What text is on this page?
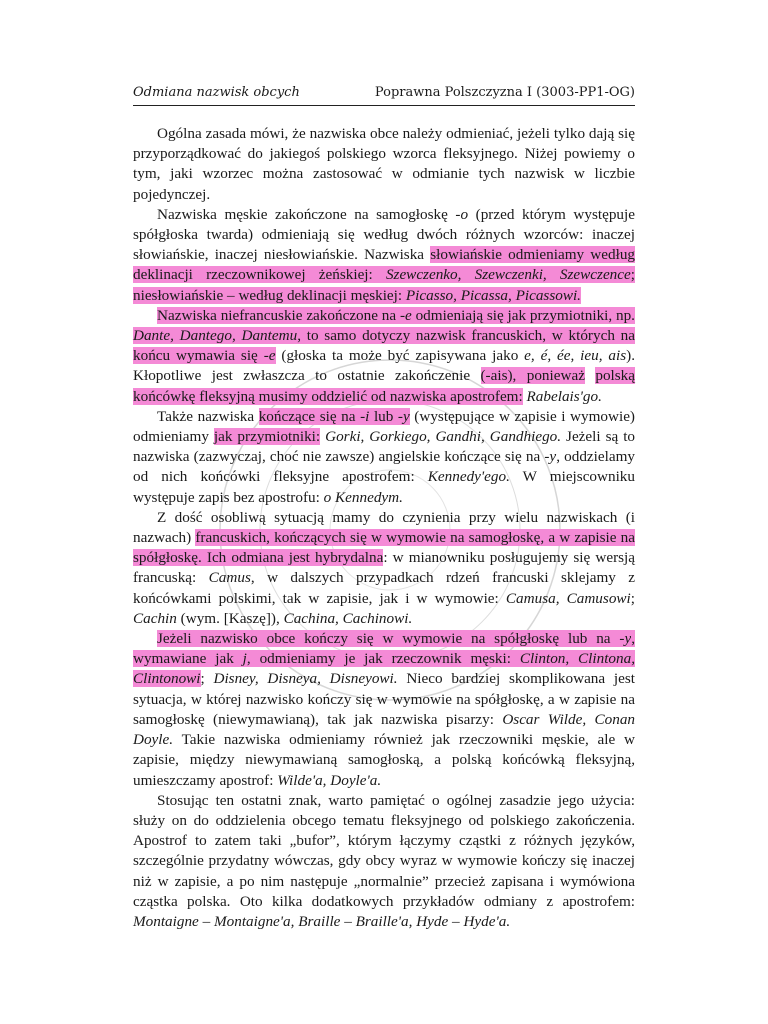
Odmiana nazwisk obcych	Poprawna Polszczyzna I (3003-PP1-OG)

Ogólna zasada mówi, że nazwiska obce należy odmieniać, jeżeli tylko dają się przyporządkować do jakiegoś polskiego wzorca fleksyjnego. Niżej powiemy o tym, jaki wzorzec można zastosować w odmianie tych nazwisk w liczbie pojedynczej.

Nazwiska męskie zakończone na samogłoskę -o (przed którym występuje spółgłoska twarda) odmieniają się według dwóch różnych wzorców: inaczej słowiańskie, inaczej niesłowiańskie. Nazwiska słowiańskie odmieniamy według deklinacji rzeczownikowej żeńskiej: Szewczenko, Szewczenki, Szewczence; niesłowiańskie – według deklinacji męskiej: Picasso, Picassa, Picassowi.

Nazwiska niefrancuskie zakończone na -e odmieniają się jak przymiotniki, np. Dante, Dantego, Dantemu, to samo dotyczy nazwisk francuskich, w których na końcu wymawia się -e (głoska ta może być zapisywana jako e, é, ée, ieu, ais). Kłopotliwe jest zwłaszcza to ostatnie zakończenie (-ais), ponieważ polską końcówkę fleksyjną musimy oddzielić od nazwiska apostrofem: Rabelais'go.

Także nazwiska kończące się na -i lub -y (występujące w zapisie i wymowie) odmieniamy jak przymiotniki: Gorki, Gorkiego, Gandhi, Gandhiego. Jeżeli są to nazwiska (zazwyczaj, choć nie zawsze) angielskie kończące się na -y, oddzielamy od nich końcówki fleksyjne apostrofem: Kennedy'ego. W miejscowniku występuje zapis bez apostrofu: o Kennedym.

Z dość osobliwą sytuacją mamy do czynienia przy wielu nazwiskach (i nazwach) francuskich, kończących się w wymowie na samogłoskę, a w zapisie na spółgłoskę. Ich odmiana jest hybrydalna: w mianowniku posługujemy się wersją francuską: Camus, w dalszych przypadkach rdzeń francuski sklejamy z końcówkami polskimi, tak w zapisie, jak i w wymowie: Camusa, Camusowi; Cachin (wym. [Kaszę]), Cachina, Cachinowi.

Jeżeli nazwisko obce kończy się w wymowie na spółgłoskę lub na -y, wymawiane jak j, odmieniamy je jak rzeczownik męski: Clinton, Clintona, Clintonowi; Disney, Disneya, Disneyowi. Nieco bardziej skomplikowana jest sytuacja, w której nazwisko kończy się w wymowie na spółgłoskę, a w zapisie na samogłoskę (niewymawianą), tak jak nazwiska pisarzy: Oscar Wilde, Conan Doyle. Takie nazwiska odmieniamy również jak rzeczowniki męskie, ale w zapisie, między niewymawianą samogłoską, a polską końcówką fleksyjną, umieszczamy apostrof: Wilde'a, Doyle'a.

Stosując ten ostatni znak, warto pamiętać o ogólnej zasadzie jego użycia: służy on do oddzielenia obcego tematu fleksyjnego od polskiego zakończenia. Apostrof to zatem taki „bufor”, którym łączymy cząstki z różnych języków, szczególnie przydatny wówczas, gdy obcy wyraz w wymowie kończy się inaczej niż w zapisie, a po nim następuje „normalnie” przecież zapisana i wymówiona cząstka polska. Oto kilka dodatkowych przykładów odmiany z apostrofem: Montaigne – Montaigne'a, Braille – Braille'a, Hyde – Hyde'a.
